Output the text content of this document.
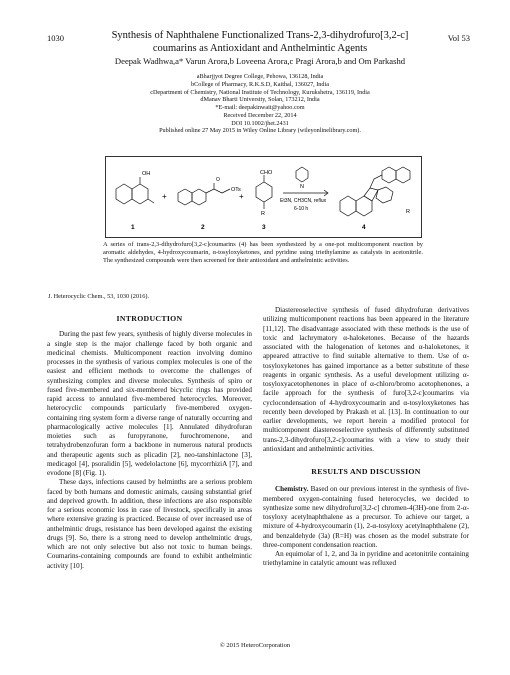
1030	Vol 53
Synthesis of Naphthalene Functionalized Trans-2,3-dihydrofuro[3,2-c]
coumarins as Antioxidant and Anthelmintic Agents
Deepak Wadhwa,a* Varun Arora,b Loveena Arora,c Pragi Arora,b and Om Parkashd
aBharjjyot Degree College, Pehowa, 136128, India
bCollege of Pharmacy, R.K.S.D, Kaithal, 136027, India
cDepartment of Chemistry, National Institute of Technology, Kurukshetra, 136119, India
dManav Bharti University, Solan, 173212, India
*E-mail: deepakinwait@yahoo.com
Received December 22, 2014
DOI 10.1002/jhet.2431
Published online 27 May 2015 in Wiley Online Library (wileyonlinelibrary.com).
OH
O
OTs
CHO
R
N
+	+	Et3N, CH3CN, reflux
6-10 h	R
1	2	3	4
A series of trans-2,3-dihydrofuro[3,2-c]coumarins (4) has been synthesized by a one-pot multicomponent reaction by aromatic aldehydes, 4-hydroxycoumarin, α-tosyloxyketones, and pyridine using triethylamine as catalysts in acetonitrile. The synthesized compounds were then screened for their antioxidant and anthelmintic activities.
J. Heterocyclic Chem., 53, 1030 (2016).
INTRODUCTION

During the past few years, synthesis of highly diverse molecules in a single step is the major challenge faced by both organic and medicinal chemists. Multicomponent reaction involving domino processes in the synthesis of various complex molecules is one of the easiest and efficient methods to overcome the challenges of synthesizing complex and diverse molecules. Synthesis of spiro or fused five-membered and six-membered bicyclic rings has provided rapid access to annulated five-membered heterocycles. Moreover, heterocyclic compounds particularly five-membered oxygen-containing ring system form a diverse range of naturally occurring and pharmacologically active molecules [1]. Annulated dihydrofuran moieties such as furopyranone, furochromenone, and tetrahydrobenzofuran form a backbone in numerous natural products and therapeutic agents such as plicadin [2], neo-tanshinlactone [3], medicagol [4], psoralidin [5], wedelolactone [6], mycorrhiziA [7], and evodone [8] (Fig. 1).

These days, infections caused by helminths are a serious problem faced by both humans and domestic animals, causing substantial grief and deprived growth. In addition, these infections are also responsible for a serious economic loss in case of livestock, specifically in areas where extensive grazing is practiced. Because of over increased use of anthelmintic drugs, resistance has been developed against the existing drugs [9]. So, there is a strong need to develop anthelmintic drugs, which are not only selective but also not toxic to human beings. Coumarins-containing compounds are found to exhibit anthelmintic activity [10].

Diastereoselective synthesis of fused dihydrofuran derivatives utilizing multicomponent reactions has been appeared in the literature [11,12]. The disadvantage associated with these methods is the use of toxic and lachrymatory α-haloketones. Because of the hazards associated with the halogenation of ketones and α-haloketones, it appeared attractive to find suitable alternative to them. Use of α-tosyloxyketones has gained importance as a better substitute of these reagents in organic synthesis. As a useful development utilizing α-tosyloxyacetophenones in place of α-chloro/bromo acetophenones, a facile approach for the synthesis of furo[3,2-c]coumarins via cyclocondensation of 4-hydroxycoumarin and α-tosyloxyketones has recently been developed by Prakash et al. [13]. In continuation to our earlier developments, we report herein a modified protocol for multicomponent diastereoselective synthesis of differently substituted trans-2,3-dihydrofuro[3,2-c]coumarins with a view to study their antioxidant and anthelmintic activities.

RESULTS AND DISCUSSION

Chemistry. Based on our previous interest in the synthesis of five-membered oxygen-containing fused heterocycles, we decided to synthesize some new dihydrofuro[3,2-c] chromen-4(3H)-one from 2-α-tosyloxy acetylnaphthalene as a precursor. To achieve our target, a mixture of 4-hydroxycoumarin (1), 2-α-tosyloxy acetylnaphthalene (2), and benzaldehyde (3a) (R=H) was chosen as the model substrate for three-component condensation reaction.

An equimolar of 1, 2, and 3a in pyridine and acetonitrile containing triethylamine in catalytic amount was refluxed

© 2015 HeteroCorporation
